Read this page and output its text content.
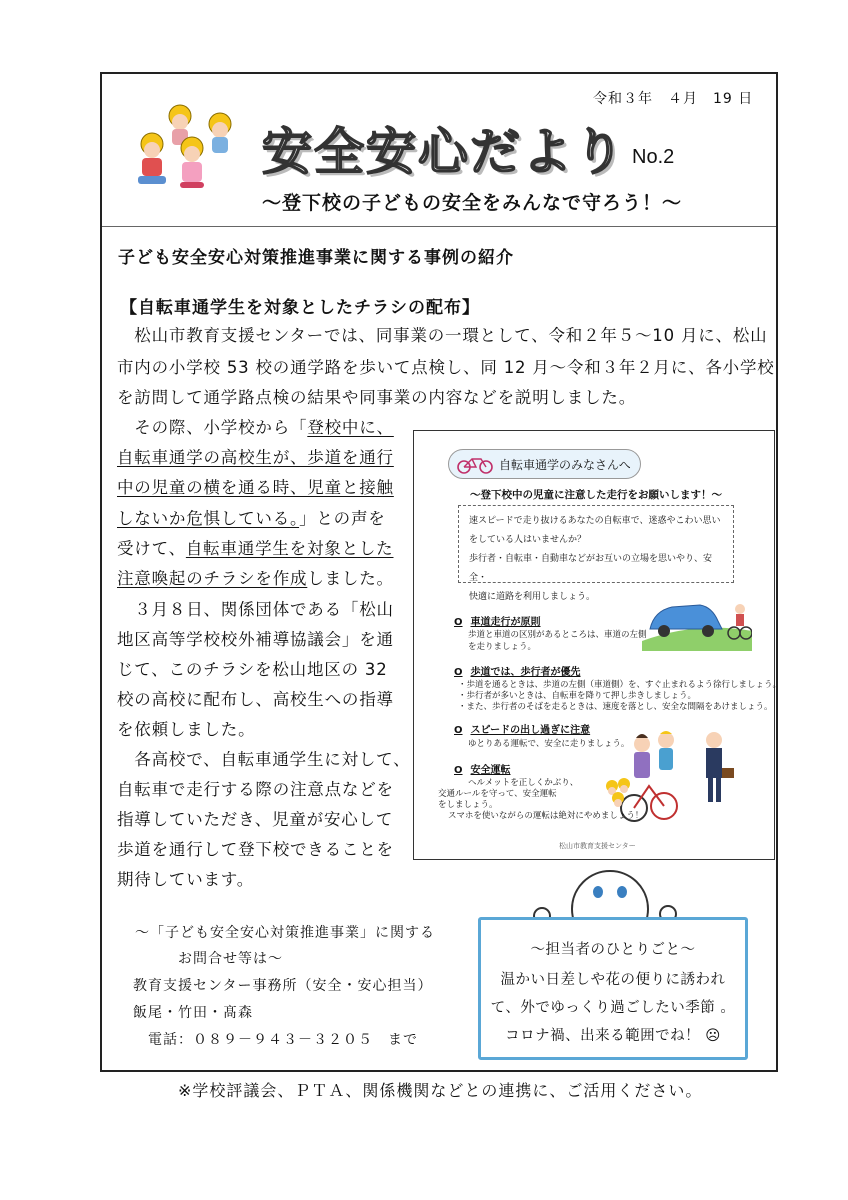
令和３年　４月　19 日
安全安心だより No.2
～登下校の子どもの安全をみんなで守ろう！～
子ども安全安心対策推進事業に関する事例の紹介
【自転車通学生を対象としたチラシの配布】
　松山市教育支援センターでは、同事業の一環として、令和２年５～10 月に、松山
市内の小学校 53 校の通学路を歩いて点検し、同 12 月～令和３年２月に、各小学校
を訪問して通学路点検の結果や同事業の内容などを説明しました。
　その際、小学校から「登校中に、
自転車通学の高校生が、歩道を通行
中の児童の横を通る時、児童と接触
しないか危惧している。」との声を
受けて、自転車通学生を対象とした
注意喚起のチラシを作成しました。
　３月８日、関係団体である「松山
地区高等学校校外補導協議会」を通
じて、このチラシを松山地区の 32
校の高校に配布し、高校生への指導
を依頼しました。
　各高校で、自転車通学生に対して、
自転車で走行する際の注意点などを
指導していただき、児童が安心して
歩道を通行して登下校できることを
期待しています。
自転車通学のみなさんへ
～登下校中の児童に注意した走行をお願いします！～
速スピードで走り抜けるあなたの自転車で、迷惑やこわい思い
をしている人はいませんか？
歩行者・自転車・自動車などがお互いの立場を思いやり、安全・
快適に道路を利用しましょう。
O 車道走行が原則
歩道と車道の区別があるところは、車道の左側
を走りましょう。
O 歩道では、歩行者が優先
・歩道を通るときは、歩道の左側（車道側）を、すぐ止まれるよう徐行しましょう。
・歩行者が多いときは、自転車を降りて押し歩きしましょう。
・また、歩行者のそばを走るときは、速度を落とし、安全な間隔をあけましょう。
O スピードの出し過ぎに注意
ゆとりある運転で、安全に走りましょう。
O 安全運転
ヘルメットを正しくかぶり、
交通ルールを守って、安全運転
をしましょう。
スマホを使いながらの運転は絶対にやめましょう！
松山市教育支援センター
～「子ども安全安心対策推進事業」に関する
お問合せ等は～
教育支援センター事務所（安全・安心担当）
飯尾・竹田・髙森
電話：０８９－９４３－３２０５　まで
～担当者のひとりごと～
温かい日差しや花の便りに誘われ
て、外でゆっくり過ごしたい季節 。
コロナ禍、出来る範囲でね！ ☹
※学校評議会、ＰＴＡ、関係機関などとの連携に、ご活用ください。
